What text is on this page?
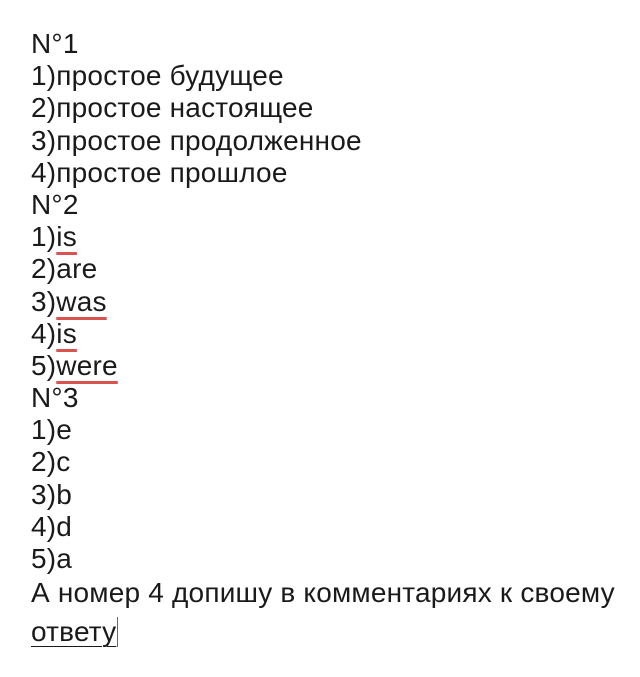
N°1
1)простое будущее
2)простое настоящее
3)простое продолженное
4)простое прошлое
N°2
1)is
2)are
3)was
4)is
5)were
N°3
1)e
2)c
3)b
4)d
5)a
А номер 4 допишу в комментариях к своему ответу
